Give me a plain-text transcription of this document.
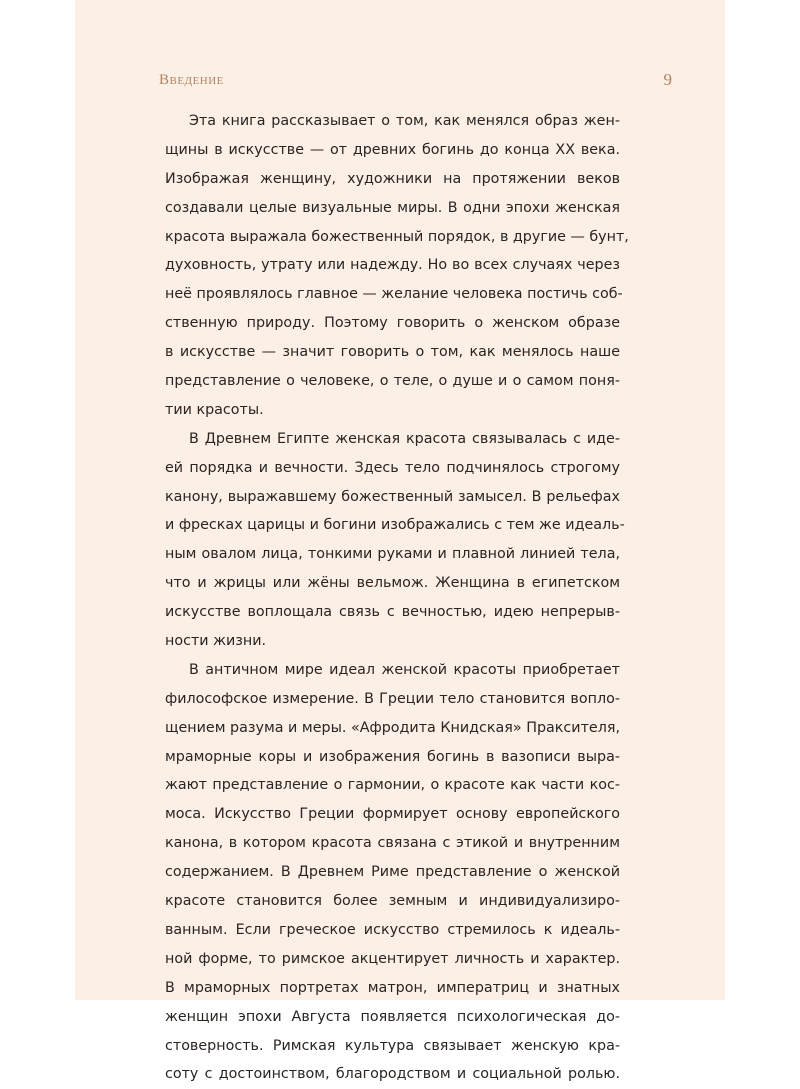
Введение	9
Эта книга рассказывает о том, как менялся образ жен-
щины в искусстве — от древних богинь до конца XX века.
Изображая женщину, художники на протяжении веков
создавали целые визуальные миры. В одни эпохи женская
красота выражала божественный порядок, в другие — бунт,
духовность, утрату или надежду. Но во всех случаях через
неё проявлялось главное — желание человека постичь соб-
ственную природу. Поэтому говорить о женском образе
в искусстве — значит говорить о том, как менялось наше
представление о человеке, о теле, о душе и о самом поня-
тии красоты.
В Древнем Египте женская красота связывалась с иде-
ей порядка и вечности. Здесь тело подчинялось строгому
канону, выражавшему божественный замысел. В рельефах
и фресках царицы и богини изображались с тем же идеаль-
ным овалом лица, тонкими руками и плавной линией тела,
что и жрицы или жёны вельмож. Женщина в египетском
искусстве воплощала связь с вечностью, идею непрерыв-
ности жизни.
В античном мире идеал женской красоты приобретает
философское измерение. В Греции тело становится вопло-
щением разума и меры. «Афродита Книдская» Праксителя,
мраморные коры и изображения богинь в вазописи выра-
жают представление о гармонии, о красоте как части кос-
моса. Искусство Греции формирует основу европейского
канона, в котором красота связана с этикой и внутренним
содержанием. В Древнем Риме представление о женской
красоте становится более земным и индивидуализиро-
ванным. Если греческое искусство стремилось к идеаль-
ной форме, то римское акцентирует личность и характер.
В мраморных портретах матрон, императриц и знатных
женщин эпохи Августа появляется психологическая до-
стоверность. Римская культура связывает женскую кра-
соту с достоинством, благородством и социальной ролью.
